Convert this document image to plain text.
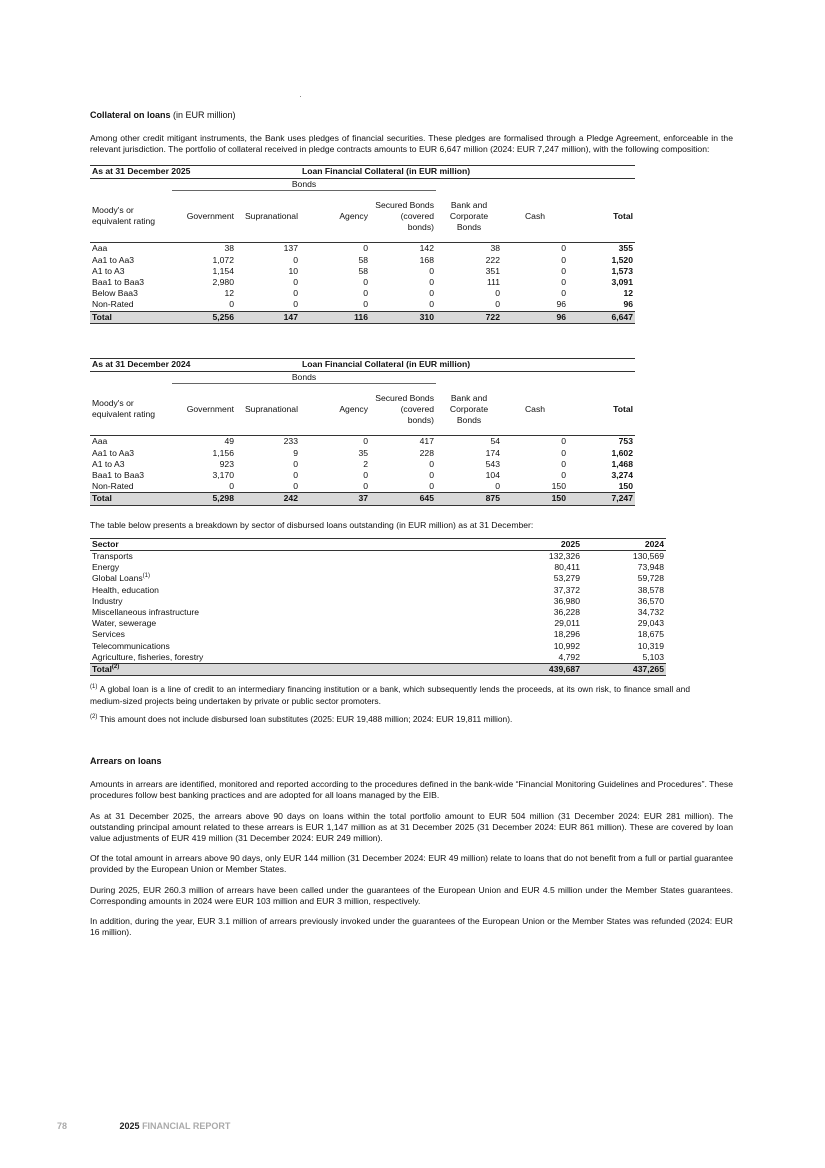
Collateral on loans (in EUR million)

Among other credit mitigant instruments, the Bank uses pledges of financial securities. These pledges are formalised through a Pledge Agreement, enforceable in the relevant jurisdiction. The portfolio of collateral received in pledge contracts amounts to EUR 6,647 million (2024: EUR 7,247 million), with the following composition:

As at 31 December 2025			Loan Financial Collateral (in EUR million)				
	Bonds						
Moody's or equivalent rating	Government	Supranational	Agency	Secured Bonds (covered bonds)	Bank and Corporate Bonds	Cash	Total
Aaa	38	137	0	142	38	0	355
Aa1 to Aa3	1,072	0	58	168	222	0	1,520
A1 to A3	1,154	10	58	0	351	0	1,573
Baa1 to Baa3	2,980	0	0	0	111	0	3,091
Below Baa3	12	0	0	0	0	0	12
Non-Rated	0	0	0	0	0	96	96
Total	5,256	147	116	310	722	96	6,647
As at 31 December 2024			Loan Financial Collateral (in EUR million)				
	Bonds						
Moody's or equivalent rating	Government	Supranational	Agency	Secured Bonds (covered bonds)	Bank and Corporate Bonds	Cash	Total
Aaa	49	233	0	417	54	0	753
Aa1 to Aa3	1,156	9	35	228	174	0	1,602
A1 to A3	923	0	2	0	543	0	1,468
Baa1 to Baa3	3,170	0	0	0	104	0	3,274
Non-Rated	0	0	0	0	0	150	150
Total	5,298	242	37	645	875	150	7,247

The table below presents a breakdown by sector of disbursed loans outstanding (in EUR million) as at 31 December:

Sector	2025	2024
Transports	132,326	130,569
Energy	80,411	73,948
Global Loans$^{(1)}$	53,279	59,728
Health, education	37,372	38,578
Industry	36,980	36,570
Miscellaneous infrastructure	36,228	34,732
Water, sewerage	29,011	29,043
Services	18,296	18,675
Telecommunications	10,992	10,319
Agriculture, fisheries, forestry	4,792	5,103
Total$^{(2)}$	439,687	437,265

$^{(1)}$ A global loan is a line of credit to an intermediary financing institution or a bank, which subsequently lends the proceeds, at its own risk, to finance small and medium-sized projects being undertaken by private or public sector promoters.

$^{(2)}$ This amount does not include disbursed loan substitutes (2025: EUR 19,488 million; 2024: EUR 19,811 million).

Arrears on loans

Amounts in arrears are identified, monitored and reported according to the procedures defined in the bank-wide “Financial Monitoring Guidelines and Procedures”. These procedures follow best banking practices and are adopted for all loans managed by the EIB.

As at 31 December 2025, the arrears above 90 days on loans within the total portfolio amount to EUR 504 million (31 December 2024: EUR 281 million). The outstanding principal amount related to these arrears is EUR 1,147 million as at 31 December 2025 (31 December 2024: EUR 861 million). These are covered by loan value adjustments of EUR 419 million (31 December 2024: EUR 249 million).

Of the total amount in arrears above 90 days, only EUR 144 million (31 December 2024: EUR 49 million) relate to loans that do not benefit from a full or partial guarantee provided by the European Union or Member States.

During 2025, EUR 260.3 million of arrears have been called under the guarantees of the European Union and EUR 4.5 million under the Member States guarantees. Corresponding amounts in 2024 were EUR 103 million and EUR 3 million, respectively.

In addition, during the year, EUR 3.1 million of arrears previously invoked under the guarantees of the European Union or the Member States was refunded (2024: EUR 16 million).

78	2025 FINANCIAL REPORT
